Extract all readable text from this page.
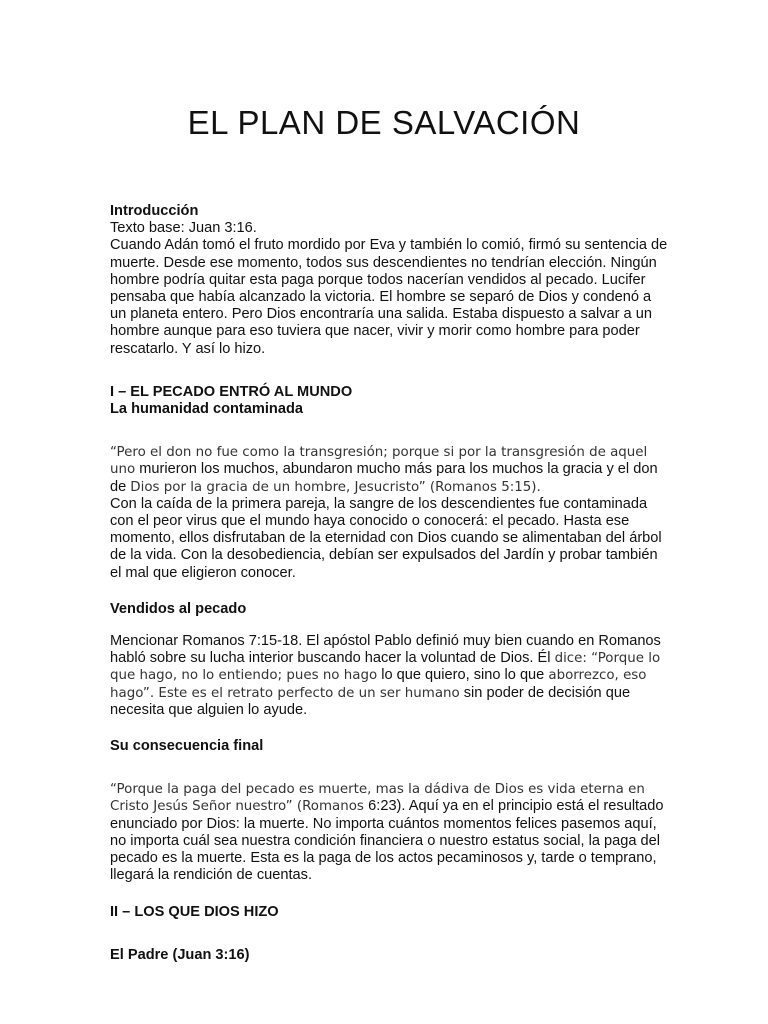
EL PLAN DE SALVACIÓN

Introducción

Texto base: Juan 3:16.

Cuando Adán tomó el fruto mordido por Eva y también lo comió, firmó su sentencia de muerte. Desde ese momento, todos sus descendientes no tendrían elección. Ningún hombre podría quitar esta paga porque todos nacerían vendidos al pecado. Lucifer pensaba que había alcanzado la victoria. El hombre se separó de Dios y condenó a un planeta entero. Pero Dios encontraría una salida. Estaba dispuesto a salvar a un hombre aunque para eso tuviera que nacer, vivir y morir como hombre para poder rescatarlo. Y así lo hizo.

I – EL PECADO ENTRÓ AL MUNDO

La humanidad contaminada

“Pero el don no fue como la transgresión; porque si por la transgresión de aquel uno murieron los muchos, abundaron mucho más para los muchos la gracia y el don de Dios por la gracia de un hombre, Jesucristo” (Romanos 5:15).

Con la caída de la primera pareja, la sangre de los descendientes fue contaminada con el peor virus que el mundo haya conocido o conocerá: el pecado. Hasta ese momento, ellos disfrutaban de la eternidad con Dios cuando se alimentaban del árbol de la vida. Con la desobediencia, debían ser expulsados del Jardín y probar también el mal que eligieron conocer.

Vendidos al pecado

Mencionar Romanos 7:15-18. El apóstol Pablo definió muy bien cuando en Romanos habló sobre su lucha interior buscando hacer la voluntad de Dios. Él dice: “Porque lo que hago, no lo entiendo; pues no hago lo que quiero, sino lo que aborrezco, eso hago”. Este es el retrato perfecto de un ser humano sin poder de decisión que necesita que alguien lo ayude.

Su consecuencia final

“Porque la paga del pecado es muerte, mas la dádiva de Dios es vida eterna en Cristo Jesús Señor nuestro” (Romanos 6:23). Aquí ya en el principio está el resultado enunciado por Dios: la muerte. No importa cuántos momentos felices pasemos aquí, no importa cuál sea nuestra condición financiera o nuestro estatus social, la paga del pecado es la muerte. Esta es la paga de los actos pecaminosos y, tarde o temprano, llegará la rendición de cuentas.

II – LOS QUE DIOS HIZO

El Padre (Juan 3:16)
